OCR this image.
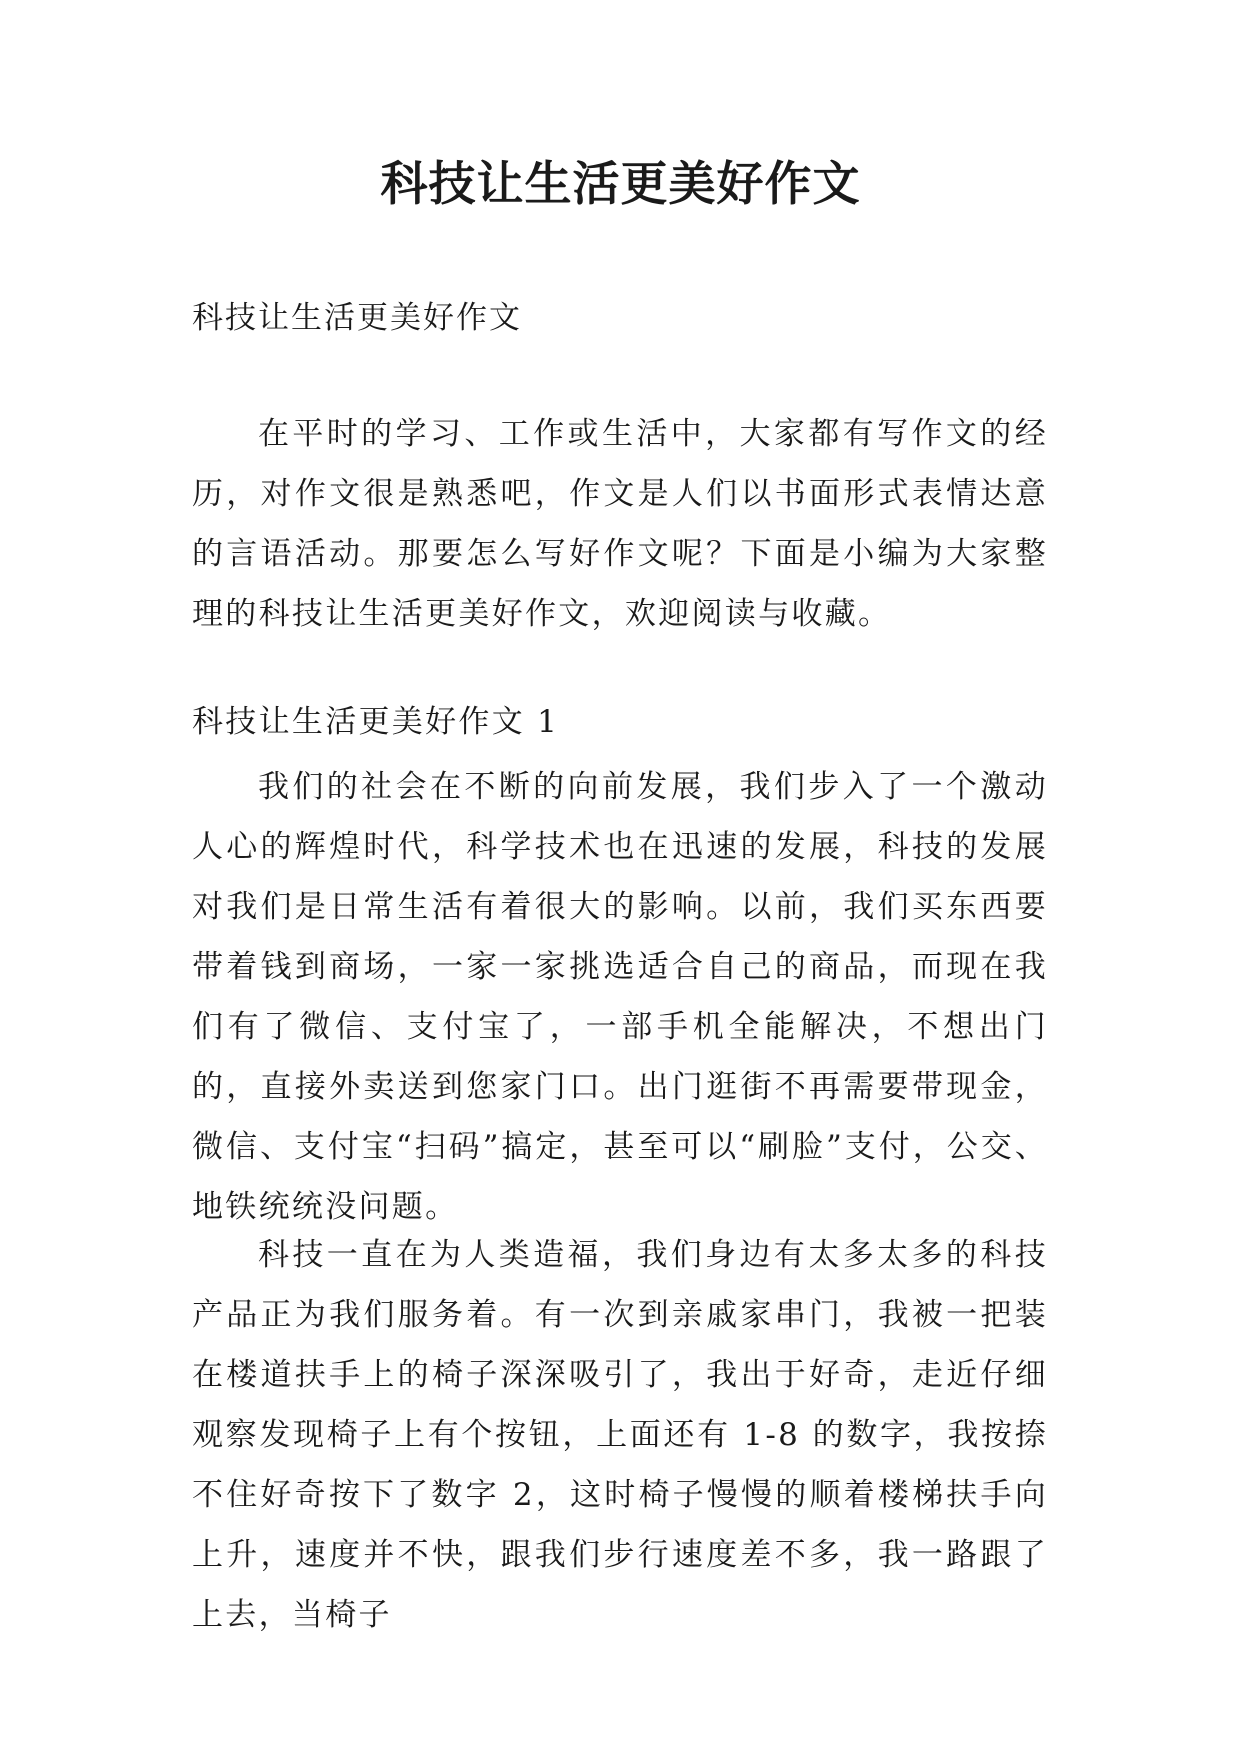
科技让生活更美好作文

科技让生活更美好作文

在平时的学习、工作或生活中，大家都有写作文的经历，对作文很是熟悉吧，作文是人们以书面形式表情达意的言语活动。那要怎么写好作文呢？下面是小编为大家整理的科技让生活更美好作文，欢迎阅读与收藏。

科技让生活更美好作文 1

我们的社会在不断的向前发展，我们步入了一个激动人心的辉煌时代，科学技术也在迅速的发展，科技的发展对我们是日常生活有着很大的影响。以前，我们买东西要带着钱到商场，一家一家挑选适合自己的商品，而现在我们有了微信、支付宝了，一部手机全能解决，不想出门的，直接外卖送到您家门口。出门逛街不再需要带现金，微信、支付宝“扫码”搞定，甚至可以“刷脸”支付，公交、地铁统统没问题。

科技一直在为人类造福，我们身边有太多太多的科技产品正为我们服务着。有一次到亲戚家串门，我被一把装在楼道扶手上的椅子深深吸引了，我出于好奇，走近仔细观察发现椅子上有个按钮，上面还有 1-8 的数字，我按捺不住好奇按下了数字 2，这时椅子慢慢的顺着楼梯扶手向上升，速度并不快，跟我们步行速度差不多，我一路跟了上去，当椅子
